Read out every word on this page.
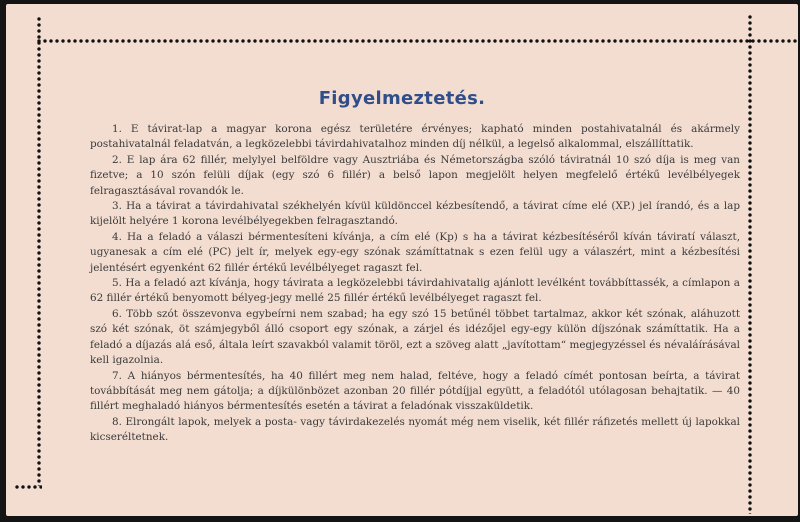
Figyelmeztetés.

1. E távirat-lap a magyar korona egész területére érvényes; kapható minden postahivatalnál és akármely postahivatalnál feladatván, a legközelebbi távirdahivatalhoz minden díj nélkül, a legelső alkalommal, elszállíttatik.

2. E lap ára 62 fillér, melylyel belföldre vagy Ausztriába és Németországba szóló táviratnál 10 szó díja is meg van fizetve; a 10 szón felüli díjak (egy szó 6 fillér) a belső lapon megjelölt helyen megfelelő értékű levélbélyegek felragasztásával rovandók le.

3. Ha a távirat a távirdahivatal székhelyén kívül küldönccel kézbesítendő, a távirat címe elé (XP.) jel írandó, és a lap kijelölt helyére 1 korona levélbélyegekben felragasztandó.

4. Ha a feladó a válaszi bérmentesíteni kívánja, a cím elé (Kp) s ha a távirat kézbesítéséről kíván táviratí választ, ugyanesak a cím elé (PC) jelt ír, melyek egy-egy szónak számíttatnak s ezen felül ugy a válaszért, mint a kézbesítési jelentésért egyenként 62 fillér értékű levélbélyeget ragaszt fel.

5. Ha a feladó azt kívánja, hogy távirata a legközelebbi távirdahivatalig ajánlott levélként továbbíttassék, a címlapon a 62 fillér értékű benyomott bélyeg-jegy mellé 25 fillér értékű levélbélyeget ragaszt fel.

6. Több szót összevonva egybeírni nem szabad; ha egy szó 15 betűnél többet tartalmaz, akkor két szónak, aláhuzott szó két szónak, öt számjegyből álló csoport egy szónak, a zárjel és idézőjel egy-egy külön díjszónak számíttatik. Ha a feladó a díjazás alá eső, általa leírt szavakból valamit töröl, ezt a szöveg alatt „javítottam“ megjegyzéssel és névaláírásával kell igazolnia.

7. A hiányos bérmentesítés, ha 40 fillért meg nem halad, feltéve, hogy a feladó címét pontosan beírta, a távirat továbbítását meg nem gátolja; a díjkülönbözet azonban 20 fillér pótdíjjal együtt, a feladótól utólagosan behajtatik. — 40 fillért meghaladó hiányos bérmentesítés esetén a távirat a feladónak visszaküldetik.

8. Elrongált lapok, melyek a posta- vagy távirdakezelés nyomát még nem viselik, két fillér ráfizetés mellett új lapokkal kicseréltetnek.
